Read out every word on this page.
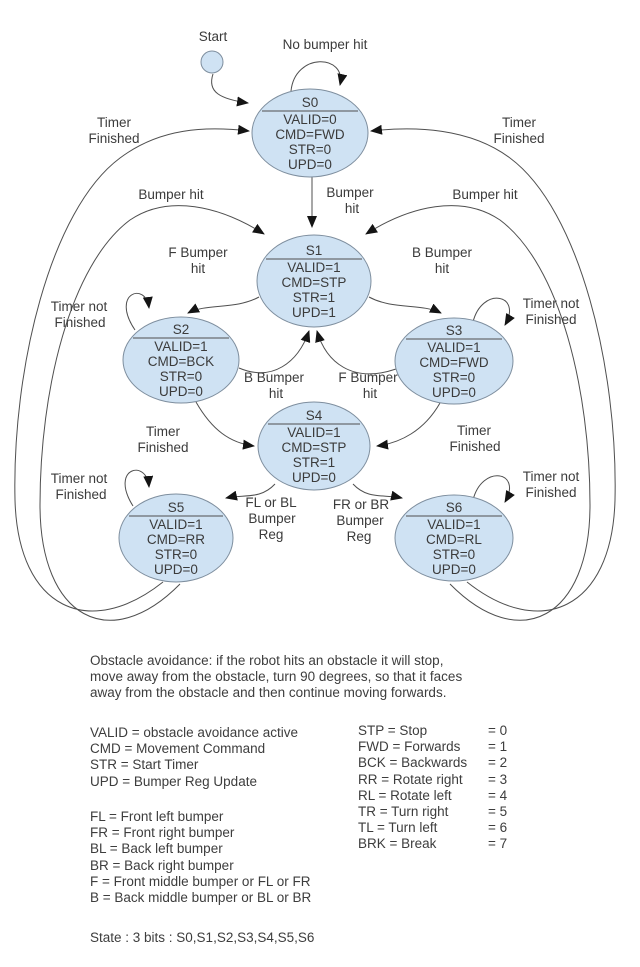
Start
S0
VALID=0
CMD=FWD
STR=0
UPD=0
S1
VALID=1
CMD=STP
STR=1
UPD=1
S2
VALID=1
CMD=BCK
STR=0
UPD=0
S3
VALID=1
CMD=FWD
STR=0
UPD=0
S4
VALID=1
CMD=STP
STR=1
UPD=0
S5
VALID=1
CMD=RR
STR=0
UPD=0
S6
VALID=1
CMD=RL
STR=0
UPD=0
No bumper hit
Timer
Finished
Timer
Finished
Bumper hit	Bumper hit
Bumper
hit
F Bumper
hit
B Bumper
hit
Timer not
Finished
Timer not
Finished
B Bumper
hit
F Bumper
hit
Timer
Finished
Timer
Finished
FL or BL
Bumper
Reg
FR or BR
Bumper
Reg
Timer not
Finished
Timer not
Finished
Obstacle avoidance: if the robot hits an obstacle it will stop,
move away from the obstacle, turn 90 degrees, so that it faces
away from the obstacle and then continue moving forwards.
VALID = obstacle avoidance active
CMD = Movement Command
STR = Start Timer
UPD = Bumper Reg Update
STP = Stop	= 0
FWD = Forwards = 1
BCK = Backwards = 2
RR = Rotate right = 3
RL = Rotate left	= 4
TR = Turn right	= 5
TL = Turn left	= 6
BRK = Break	= 7
FL = Front left bumper
FR = Front right bumper
BL = Back left bumper
BR = Back right bumper
F = Front middle bumper or FL or FR
B = Back middle bumper or BL or BR
State : 3 bits : S0,S1,S2,S3,S4,S5,S6
